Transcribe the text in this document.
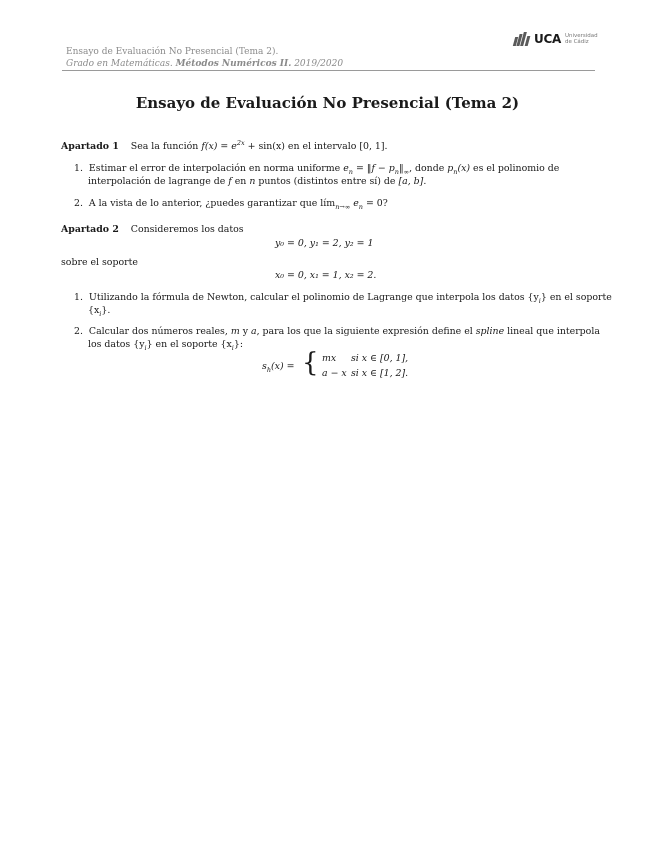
Ensayo de Evaluación No Presencial (Tema 2).
Grado en Matemáticas. Métodos Numéricos II. 2019/2020
UCA Universidad
de Cádiz
Ensayo de Evaluación No Presencial (Tema 2)
Apartado 1 Sea la función $f(x) = e^{2x} + \sin(x)$ en el intervalo [0, 1].
1. Estimar el error de interpolación en norma uniforme $e_n$ = ‖f − $p_n‖_\infty$, donde $p_n(x)$ es el polinomio de
interpolación de lagrange de f en n puntos (distintos entre sí) de [a, b].
2. A la vista de lo anterior, ¿puedes garantizar que lím$_{n\to\infty}$ $e_n = 0$?
Apartado 2 Consideremos los datos
y₀ = 0, y₁ = 2, y₂ = 1
sobre el soporte
x₀ = 0, x₁ = 1, x₂ = 2.
1. Utilizando la fórmula de Newton, calcular el polinomio de Lagrange que interpola los datos $\{y_i\}$ en el soporte
$\{x_i\}$.
2. Calcular dos números reales, m y a, para los que la siguiente expresión define el spline lineal que interpola
los datos $\{y_i\}$ en el soporte $\{x_i\}$:
$s_h(x)$ = { mx si x ∈ [0, 1],
a − x si x ∈ [1, 2].
